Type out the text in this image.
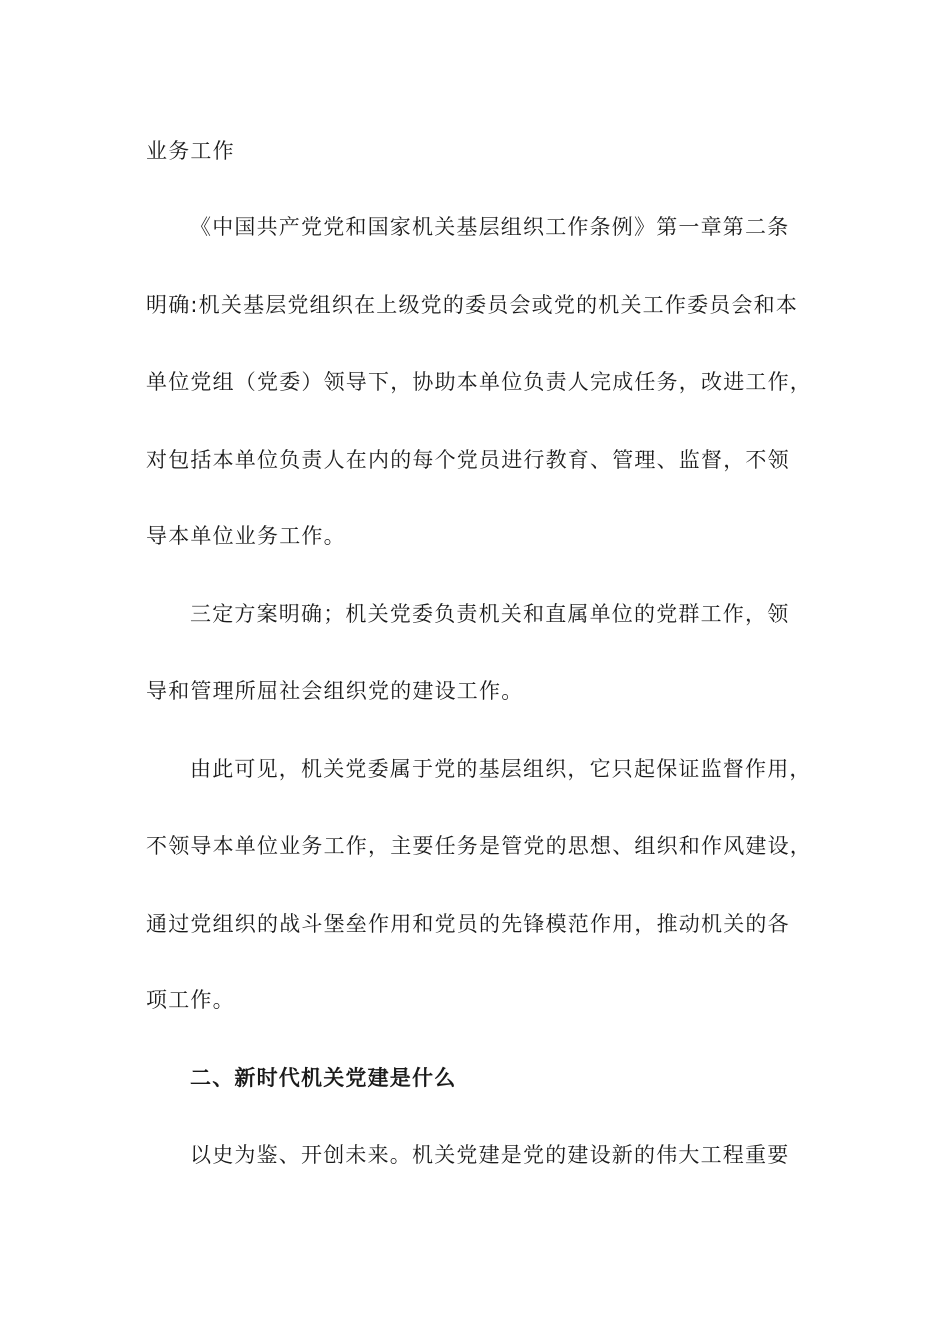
业务工作
《中国共产党党和国家机关基层组织工作条例》第一章第二条
明确:机关基层党组织在上级党的委员会或党的机关工作委员会和本
单位党组（党委）领导下，协助本单位负责人完成任务，改进工作，
对包括本单位负责人在内的每个党员进行教育、管理、监督，不领
导本单位业务工作。
三定方案明确；机关党委负责机关和直属单位的党群工作，领
导和管理所屈社会组织党的建设工作。
由此可见，机关党委属于党的基层组织，它只起保证监督作用，
不领导本单位业务工作，主要任务是管党的思想、组织和作风建设，
通过党组织的战斗堡垒作用和党员的先锋模范作用，推动机关的各
项工作。
二、新时代机关党建是什么
以史为鉴、开创未来。机关党建是党的建设新的伟大工程重要
